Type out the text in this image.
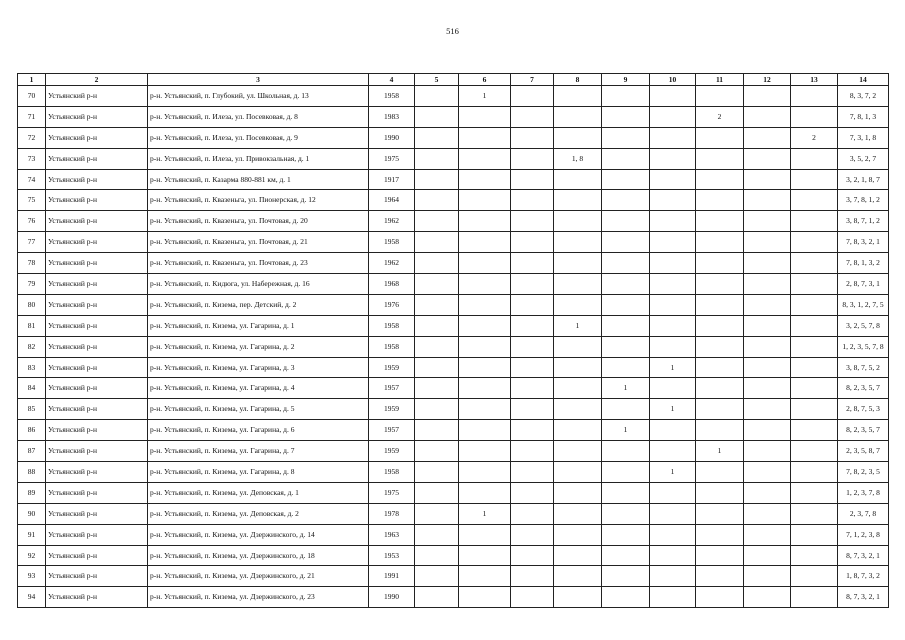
516
1	2	3	4	5	6	7	8	9	10	11	12	13	14
70	Устьянский р-н	р-н. Устьянский, п. Глубокий, ул. Школьная, д. 13	1958		1								8, 3, 7, 2
71	Устьянский р-н	р-н. Устьянский, п. Илеза, ул. Посевковая, д. 8	1983							2			7, 8, 1, 3
72	Устьянский р-н	р-н. Устьянский, п. Илеза, ул. Посевковая, д. 9	1990									2	7, 3, 1, 8
73	Устьянский р-н	р-н. Устьянский, п. Илеза, ул. Привокзальная, д. 1	1975				1, 8						3, 5, 2, 7
74	Устьянский р-н	р-н. Устьянский, п. Казарма 880-881 км, д. 1	1917										3, 2, 1, 8, 7
75	Устьянский р-н	р-н. Устьянский, п. Квазеньга, ул. Пионерская, д. 12	1964										3, 7, 8, 1, 2
76	Устьянский р-н	р-н. Устьянский, п. Квазеньга, ул. Почтовая, д. 20	1962										3, 8, 7, 1, 2
77	Устьянский р-н	р-н. Устьянский, п. Квазеньга, ул. Почтовая, д. 21	1958										7, 8, 3, 2, 1
78	Устьянский р-н	р-н. Устьянский, п. Квазеньга, ул. Почтовая, д. 23	1962										7, 8, 1, 3, 2
79	Устьянский р-н	р-н. Устьянский, п. Кидюга, ул. Набережная, д. 16	1968										2, 8, 7, 3, 1
80	Устьянский р-н	р-н. Устьянский, п. Кизема, пер. Детский, д. 2	1976										8, 3, 1, 2, 7, 5
81	Устьянский р-н	р-н. Устьянский, п. Кизема, ул. Гагарина, д. 1	1958				1						3, 2, 5, 7, 8
82	Устьянский р-н	р-н. Устьянский, п. Кизема, ул. Гагарина, д. 2	1958										1, 2, 3, 5, 7, 8
83	Устьянский р-н	р-н. Устьянский, п. Кизема, ул. Гагарина, д. 3	1959						1				3, 8, 7, 5, 2
84	Устьянский р-н	р-н. Устьянский, п. Кизема, ул. Гагарина, д. 4	1957					1					8, 2, 3, 5, 7
85	Устьянский р-н	р-н. Устьянский, п. Кизема, ул. Гагарина, д. 5	1959						1				2, 8, 7, 5, 3
86	Устьянский р-н	р-н. Устьянский, п. Кизема, ул. Гагарина, д. 6	1957					1					8, 2, 3, 5, 7
87	Устьянский р-н	р-н. Устьянский, п. Кизема, ул. Гагарина, д. 7	1959							1			2, 3, 5, 8, 7
88	Устьянский р-н	р-н. Устьянский, п. Кизема, ул. Гагарина, д. 8	1958						1				7, 8, 2, 3, 5
89	Устьянский р-н	р-н. Устьянский, п. Кизема, ул. Деповская, д. 1	1975										1, 2, 3, 7, 8
90	Устьянский р-н	р-н. Устьянский, п. Кизема, ул. Деповская, д. 2	1978		1								2, 3, 7, 8
91	Устьянский р-н	р-н. Устьянский, п. Кизема, ул. Дзержинского, д. 14	1963										7, 1, 2, 3, 8
92	Устьянский р-н	р-н. Устьянский, п. Кизема, ул. Дзержинского, д. 18	1953										8, 7, 3, 2, 1
93	Устьянский р-н	р-н. Устьянский, п. Кизема, ул. Дзержинского, д. 21	1991										1, 8, 7, 3, 2
94	Устьянский р-н	р-н. Устьянский, п. Кизема, ул. Дзержинского, д. 23	1990										8, 7, 3, 2, 1
